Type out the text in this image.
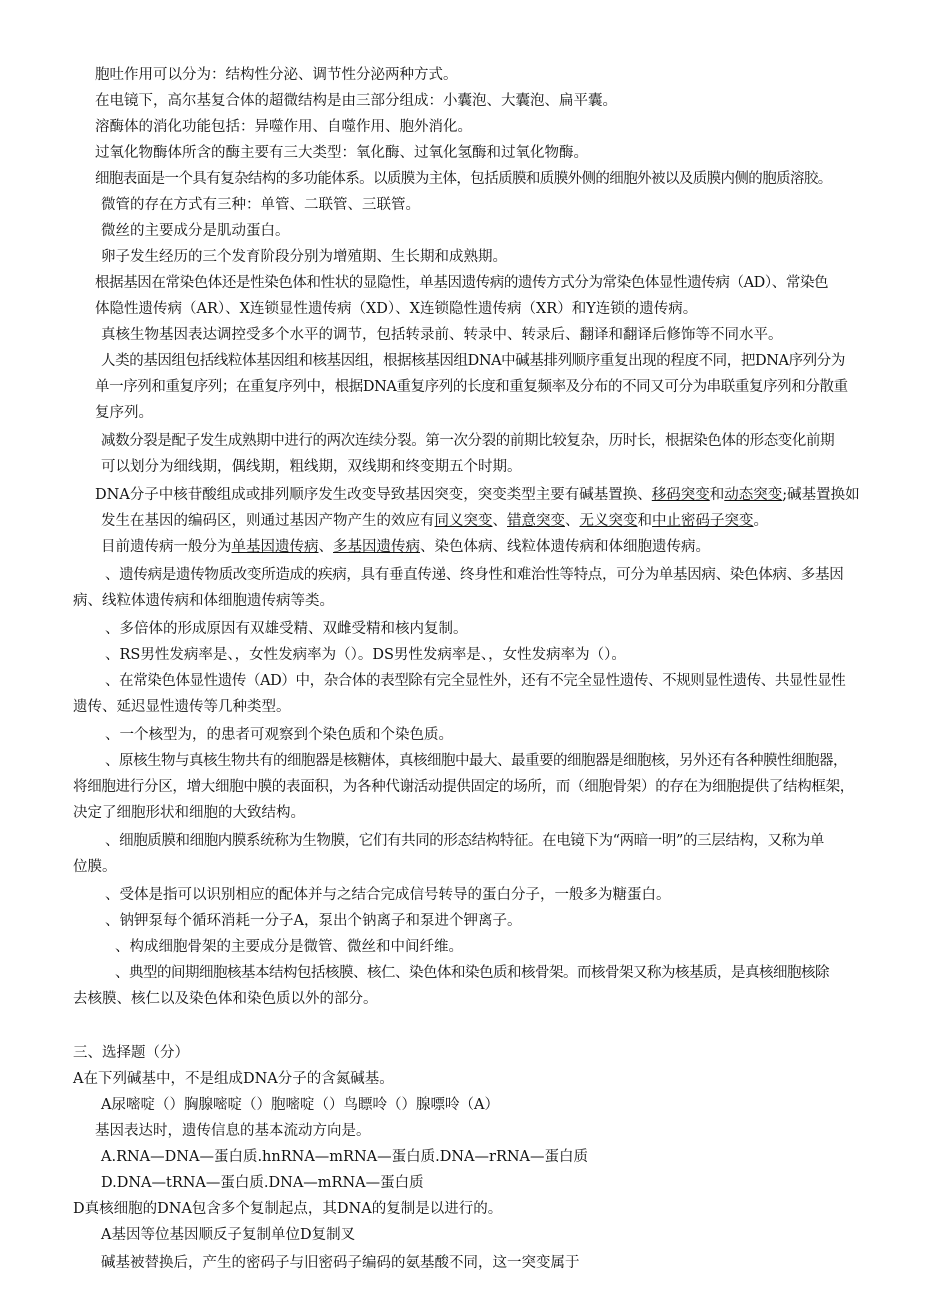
胞吐作用可以分为：结构性分泌、调节性分泌两种方式。
在电镜下，高尔基复合体的超微结构是由三部分组成：小囊泡、大囊泡、扁平囊。
溶酶体的消化功能包括：异噬作用、自噬作用、胞外消化。
过氧化物酶体所含的酶主要有三大类型：氧化酶、过氧化氢酶和过氧化物酶。
细胞表面是一个具有复杂结构的多功能体系。以质膜为主体，包括质膜和质膜外侧的细胞外被以及质膜内侧的胞质溶胶。
微管的存在方式有三种：单管、二联管、三联管。
微丝的主要成分是肌动蛋白。
卵子发生经历的三个发育阶段分别为增殖期、生长期和成熟期。
根据基因在常染色体还是性染色体和性状的显隐性，单基因遗传病的遗传方式分为常染色体显性遗传病（AD）、常染色
体隐性遗传病（AR）、X连锁显性遗传病（XD）、X连锁隐性遗传病（XR）和Y连锁的遗传病。
真核生物基因表达调控受多个水平的调节，包括转录前、转录中、转录后、翻译和翻译后修饰等不同水平。
人类的基因组包括线粒体基因组和核基因组，根据核基因组DNA中碱基排列顺序重复出现的程度不同，把DNA序列分为
单一序列和重复序列；在重复序列中，根据DNA重复序列的长度和重复频率及分布的不同又可分为串联重复序列和分散重
复序列。
减数分裂是配子发生成熟期中进行的两次连续分裂。第一次分裂的前期比较复杂，历时长，根据染色体的形态变化前期
可以划分为细线期，偶线期，粗线期，双线期和终变期五个时期。
DNA分子中核苷酸组成或排列顺序发生改变导致基因突变，突变类型主要有碱基置换、移码突变和动态突变;碱基置换如
发生在基因的编码区，则通过基因产物产生的效应有同义突变、错意突变、无义突变和中止密码子突变。
目前遗传病一般分为单基因遗传病、多基因遗传病、染色体病、线粒体遗传病和体细胞遗传病。
、遗传病是遗传物质改变所造成的疾病，具有垂直传递、终身性和难治性等特点，可分为单基因病、染色体病、多基因
病、线粒体遗传病和体细胞遗传病等类。
、多倍体的形成原因有双雄受精、双雌受精和核内复制。
、RS男性发病率是、，女性发病率为（）。DS男性发病率是、，女性发病率为（）。
、在常染色体显性遗传（AD）中，杂合体的表型除有完全显性外，还有不完全显性遗传、不规则显性遗传、共显性显性
遗传、延迟显性遗传等几种类型。
、一个核型为，的患者可观察到个染色质和个染色质。
、原核生物与真核生物共有的细胞器是核糖体，真核细胞中最大、最重要的细胞器是细胞核，另外还有各种膜性细胞器，
将细胞进行分区，增大细胞中膜的表面积，为各种代谢活动提供固定的场所，而（细胞骨架）的存在为细胞提供了结构框架，
决定了细胞形状和细胞的大致结构。
、细胞质膜和细胞内膜系统称为生物膜，它们有共同的形态结构特征。在电镜下为“两暗一明”的三层结构，又称为单
位膜。
、受体是指可以识别相应的配体并与之结合完成信号转导的蛋白分子，一般多为糖蛋白。
、钠钾泵每个循环消耗一分子A，泵出个钠离子和泵进个钾离子。
、构成细胞骨架的主要成分是微管、微丝和中间纤维。
、典型的间期细胞核基本结构包括核膜、核仁、染色体和染色质和核骨架。而核骨架又称为核基质，是真核细胞核除
去核膜、核仁以及染色体和染色质以外的部分。
三、选择题（分）
A在下列碱基中，不是组成DNA分子的含氮碱基。
A尿嘧啶（）胸腺嘧啶（）胞嘧啶（）鸟瞟呤（）腺嘌呤（A）
基因表达时，遗传信息的基本流动方向是。
A.RNA—DNA—蛋白质.hnRNA—mRNA—蛋白质.DNA—rRNA—蛋白质
D.DNA—tRNA—蛋白质.DNA—mRNA—蛋白质
D真核细胞的DNA包含多个复制起点，其DNA的复制是以进行的。
A基因等位基因顺反子复制单位D复制叉
碱基被替换后，产生的密码子与旧密码子编码的氨基酸不同，这一突变属于
